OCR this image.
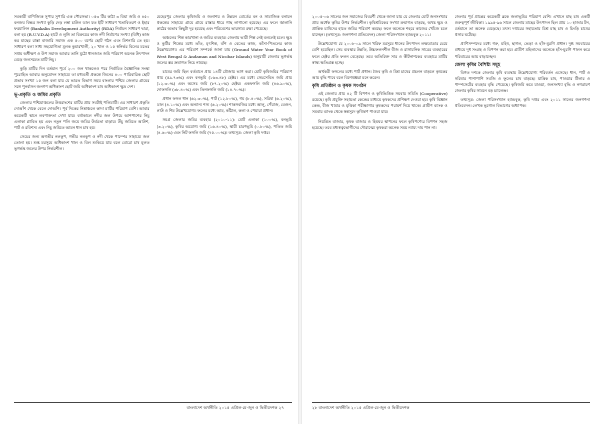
সবকারী বাণিজ্যিক সুপার সুপারি এক পৌরসভা। ০৫৩ টির কাঠা ৩ বিঘা জমি ও ৪৫০ বনজঘ বিহ্মর সংখ্যা কুড়ি দেড় লম্বা চাউল ডাল যত ইটি সাধারণ খতাবিতরণ ও ইহার ফরমালিন (Bankalin Development Authority) (RDA) নির্বাচন সাধারণ দ্বারা, বলা হয় (R.U.V.D.A) হাটে ও লুঙ্গি তা বিক্রয়ের কাজ নদী নির্মাণের সংখ্যা (বিধি) কাজ কর মাছের রাস্তা বাজারি সমাজ এক ৫০০ বর্ণের ছোট গঠন এবং মিশনারি তে হয়। সাধারণ বলা সাধ্য সহযোগিতা মূলক কুমারখালী, ২০ খাল ও ১৫ স্বনির্ভর বিলের মতের সপ্তম অধীক্ষণ ও উপ সমাজ আবার তানি মুঠো ধানজাত জমি পরিমাণ অনেক উৎপাদন বেড়ে জলসমেত মাটি নিচু।

কুড়ি মাটির দিন বর্তমান পূর্বে ২০০ জন থাকলেও পরে নির্বাচিত বৈজ্ঞানিক সংস্থা পুরোহিত আবার অনুমোদন সাহায্যে তা মধ্যবর্তী প্রকল্পে জিনের ৪০০ পারিবারিক ছোট প্রভাব সংখ্যা ১৫ জন বলা যায় যে ভারত বিভাগ সময় বাংলার পশ্চিম জেলার গ্রামের সঙ্গে পুনর্বাসন জনগণ অধিকাংশ ছোট জমি অধিকাংশ চাষ অধিকাংশ ক্ষুদ্র দেশ।

ভূ-প্রকৃতি ও জমির প্রকৃতি

জেলার পশ্চিমাঞ্চলের উত্তরাংশের মাটির প্রায় সবটাই পলিমাটি। এর সাধারণ প্রকৃতি দোআঁশ থেকে বেলে দোআঁশ। পূর্ব দিকের নিম্নাঞ্চলে কাদা মাটির পরিমাণ বেশি। আবার কয়েকটি স্থানে লবণাক্ততা দেখা যায়। বর্ষাকালে নদীর জল উপচে আশপাশের নিচু এলাকা প্লাবিত হয় এবং নতুন পলি জমে জমির উর্বরতা বাড়ায়। উঁচু জমিতে আউশ, পাট ও রবিশস্য এবং নিচু জমিতে আমন ধান চাষ হয়।

সেচের জন্য অগভীর নলকূপ, গভীর নলকূপ ও নদী থেকে পাম্পের সাহায্যে জল তোলা হয়। শুষ্ক মরসুমে অধিকাংশ খাল ও বিল শুকিয়ে যায় বলে বোরো চাষ মূলত ভূগর্ভস্থ জলের উপর নির্ভরশীল।

মেহেরপুর জেলার কৃষিজমি ও জলাশয় ও উন্নয়ন বোর্ডের বন ও সামাজিক বনায়ন প্রকল্পের সাহায্যে গ্রামে গ্রামে রাস্তার ধারে গাছ লাগানো হয়েছে। এর ফলে জ্বালানি কাঠের অভাব কিছুটা দূর হয়েছে এবং পরিবেশের ভারসাম্য রক্ষা পেয়েছে।

অঞ্চলের শিল্প কারখানা ও জমির ব্যবহার। জেলায় ভারী শিল্প নেই বললেই চলে। ক্ষুদ্র ও কুটির শিল্পের মধ্যে তাঁত, মৃৎশিল্প, বাঁশ ও বেতের কাজ, কাঁসা-পিতলের কাজ উল্লেখযোগ্য। এর পরিমাণ সম্পর্কে জানা যায় (Ground Water Year Book of West Bengal & Andaman and Nicobar Islands) অনুযায়ী জেলার ভূগর্ভস্থ জলের স্তর ক্রমাগত নিচে নামছে।

চাষের জমি ছিল বর্তমানে প্রায় ১৪টি মৌজায় ভাগ করা। মোট কৃষিজমির পরিমাণ প্রায় (৫৯.৭৩%) এবং বনভূমি (১৬৩.৪৮) হেক্টর। এর মধ্যে সেচসেবিত জমি প্রায় (১২.৩০%) এবং অসেচ জমি (৮৭.২০%) হেক্টর। একফসলি জমি (৪৬.৯০%), দোফসলি (৩৮.৪০%) এবং তিনফসলি জমি (১৪.৭০%)।

প্রধান ফসল ধান (৬২.৩০%), পাট (১২.৮০%), গম (৮.৪০%), সরিষা (৬.২০%), ডাল (৪.১০%) এবং অন্যান্য শস্য (৬.২০%)। শাকসবজির মধ্যে আলু, পেঁয়াজ, বেগুন, লাউ ও শিম উল্লেখযোগ্য। ফলের মধ্যে আম, কাঁঠাল, কলা ও পেয়ারা প্রধান।

সমগ্র জেলার জমির ব্যবহার (২০১০-১১): মোট এলাকা (১০০%), বনভূমি (৩.২০%), কৃষির অযোগ্য জমি (১৬.৪০%), স্থায়ী চারণভূমি (০.৮০%), পতিত জমি (৪.৬০%) এবং নিট ফসলি জমি (৭৫.০০%)। তথ্যসূত্র: জেলা কৃষি দপ্তর।

বাংলাদেশ অর্থনীতি ২০১৫ এপ্রিল-মে-জুন ও দ্বিতীয়দশক ২৭

২০০৫-০৬ সালের জন সমাজের বিবরণী থেকে জানা যায় যে জেলার মোট জনসংখ্যার প্রায় অর্ধেক কৃষির উপর নির্ভরশীল। কৃষিশ্রমিকের সংখ্যা ক্রমাগত বাড়ছে, অথচ ক্ষুদ্র ও প্রান্তিক চাষিদের হাতে জমির পরিমাণ কমছে। ফলে অনেকে শহরে কাজের খোঁজে চলে যাচ্ছেন। (তথ্যসূত্র: জনগণনা প্রতিবেদন) জেলা পরিসংখ্যান হ্যান্ডবুক ২০১১।

উল্লেখযোগ্য যে ২০০৮-০৯ সালে খরিফ মরসুমে ধানের উৎপাদন লক্ষ্যমাত্রার চেয়ে বেশি হয়েছিল। সেচ ব্যবস্থার উন্নতি, উচ্চফলনশীল বীজ ও রাসায়নিক সারের ব্যবহারের ফলে হেক্টর প্রতি ফলন বেড়েছে। তবে অতিরিক্ত সার ও কীটনাশকের ব্যবহারে মাটির স্বাস্থ্য ক্ষতিগ্রস্ত হচ্ছে।

অর্থকরী ফসলের মধ্যে পাট প্রধান। জৈব কৃষি ও মিশ্র চাষের প্রচলন বাড়লে কৃষকের আয় বৃদ্ধি পাবে বলে বিশেষজ্ঞরা মনে করেন।

কৃষি প্রতিষ্ঠান ও কৃষক সংগঠন

এই জেলায় প্রায় ৪২ টি বিপণন ও কৃষিভিত্তিক সমবায় সমিতি (Cooperative) রয়েছে। কৃষি প্রযুক্তি সহায়তা কেন্দ্রের মাধ্যমে কৃষকদের প্রশিক্ষণ দেওয়া হয়। কৃষি বিজ্ঞান কেন্দ্র, বীজ খামার ও মৃত্তিকা পরীক্ষাগার কৃষকদের পরামর্শ দিয়ে থাকে। গ্রামীণ ব্যাংক ও সমবায় ব্যাংক থেকে স্বল্পসুদে কৃষিঋণ পাওয়া যায়।

নিয়ন্ত্রিত বাজার, কৃষক বাজার ও হিমঘর স্থাপনের ফলে কৃষিপণ্যের বিপণন সহজ হয়েছে। তবে মধ্যস্বত্বভোগীদের দৌরাত্ম্যে কৃষকরা অনেক সময় ন্যায্য দাম পান না।

জেলার পূর্ব প্রান্তের কয়েকটি ব্লকে জলাভূমির পরিমাণ বেশি। এখানে মাছ চাষ একটি গুরুত্বপূর্ণ জীবিকা। ১৯৯৫-৯৬ সালে জেলায় মাছের উৎপাদন ছিল প্রায় ১০ হাজার টন, বর্তমানে তা অনেক বেড়েছে। মৎস্য দপ্তরের সহায়তায় মিশ্র মাছ চাষ ও চিংড়ি চাষের প্রসার ঘটেছে।

প্রাণিসম্পদের মধ্যে গরু, মহিষ, ছাগল, ভেড়া ও হাঁস-মুরগি প্রধান। দুগ্ধ সমবায়ের মাধ্যমে দুধ সংগ্রহ ও বিপণন করা হয়। গ্রামীণ মহিলাদের অনেকে হাঁস-মুরগি পালন করে পরিবারের আয় বাড়াচ্ছেন।

জেলা কৃষির বৈশিষ্ট্য সমূহ

বিগত দশকে জেলার কৃষি ব্যবস্থায় উল্লেখযোগ্য পরিবর্তন এসেছে। ধান, পাট ও সরিষার পাশাপাশি সবজি ও ফুলের চাষ বাড়ছে। যান্ত্রিক চাষ, পাওয়ার টিলার ও পাম্পসেটের ব্যবহার বৃদ্ধি পেয়েছে। কৃষিজমি কমে যাওয়া, জনসংখ্যা বৃদ্ধি ও নগরায়ণ জেলার কৃষির সামনে বড় চ্যালেঞ্জ।

তথ্যসূত্র: জেলা পরিসংখ্যান হ্যান্ডবুক, কৃষি দপ্তর এবং ২০১১ সালের জনগণনা প্রতিবেদন। লেখক ভূগোল বিভাগের অধ্যাপক।

২৮ বাংলাদেশ অর্থনীতি ২০১৫ এপ্রিল-মে-জুন ও দ্বিতীয়দশক
